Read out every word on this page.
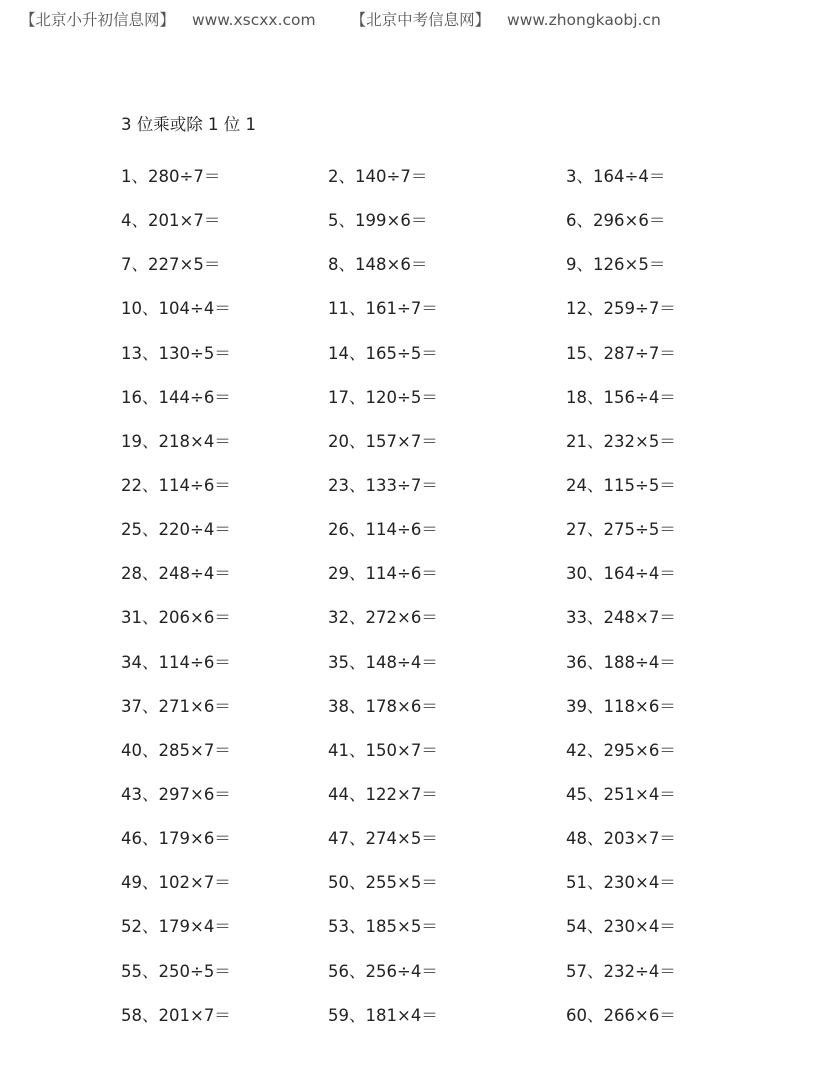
【北京小升初信息网】 www.xscxx.com 【北京中考信息网】 www.zhongkaobj.cn
3 位乘或除 1 位 1
1、280÷7＝	2、140÷7＝	3、164÷4＝
4、201×7＝	5、199×6＝	6、296×6＝
7、227×5＝	8、148×6＝	9、126×5＝
10、104÷4＝	11、161÷7＝	12、259÷7＝
13、130÷5＝	14、165÷5＝	15、287÷7＝
16、144÷6＝	17、120÷5＝	18、156÷4＝
19、218×4＝	20、157×7＝	21、232×5＝
22、114÷6＝	23、133÷7＝	24、115÷5＝
25、220÷4＝	26、114÷6＝	27、275÷5＝
28、248÷4＝	29、114÷6＝	30、164÷4＝
31、206×6＝	32、272×6＝	33、248×7＝
34、114÷6＝	35、148÷4＝	36、188÷4＝
37、271×6＝	38、178×6＝	39、118×6＝
40、285×7＝	41、150×7＝	42、295×6＝
43、297×6＝	44、122×7＝	45、251×4＝
46、179×6＝	47、274×5＝	48、203×7＝
49、102×7＝	50、255×5＝	51、230×4＝
52、179×4＝	53、185×5＝	54、230×4＝
55、250÷5＝	56、256÷4＝	57、232÷4＝
58、201×7＝	59、181×4＝	60、266×6＝
